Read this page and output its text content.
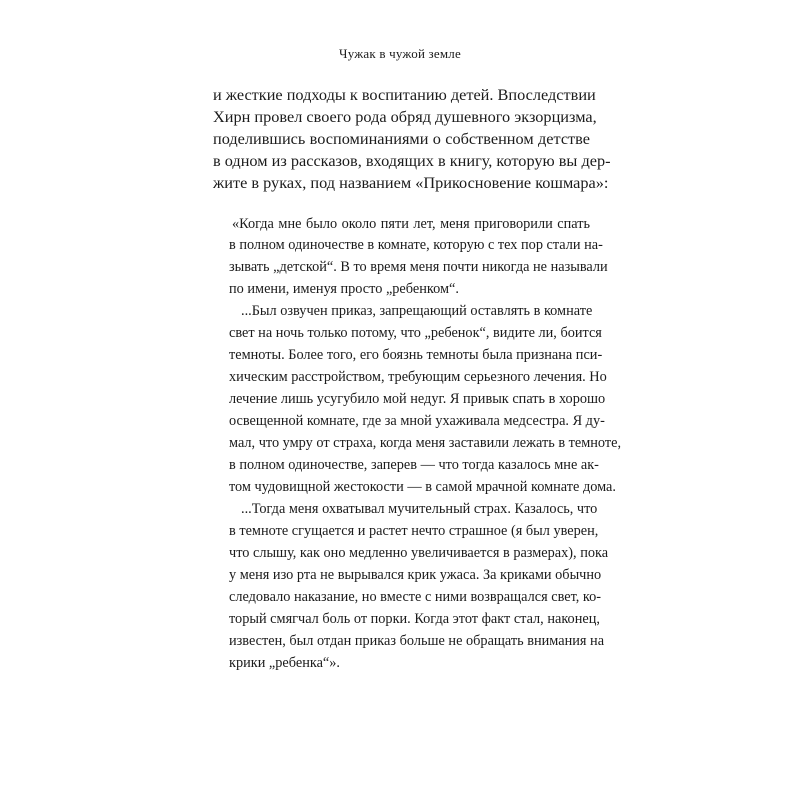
Чужак в чужой земле
и жесткие подходы к воспитанию детей. Впоследствии
Хирн провел своего рода обряд душевного экзорцизма,
поделившись воспоминаниями о собственном детстве
в одном из рассказов, входящих в книгу, которую вы дер-
жите в руках, под названием «Прикосновение кошмара»:
«Когда мне было около пяти лет, меня приговорили спать
в полном одиночестве в комнате, которую с тех пор стали на-
зывать „детской“. В то время меня почти никогда не называли
по имени, именуя просто „ребенком“.
...Был озвучен приказ, запрещающий оставлять в комнате
свет на ночь только потому, что „ребенок“, видите ли, боится
темноты. Более того, его боязнь темноты была признана пси-
хическим расстройством, требующим серьезного лечения. Но
лечение лишь усугубило мой недуг. Я привык спать в хорошо
освещенной комнате, где за мной ухаживала медсестра. Я ду-
мал, что умру от страха, когда меня заставили лежать в темноте,
в полном одиночестве, заперев — что тогда казалось мне ак-
том чудовищной жестокости — в самой мрачной комнате дома.
...Тогда меня охватывал мучительный страх. Казалось, что
в темноте сгущается и растет нечто страшное (я был уверен,
что слышу, как оно медленно увеличивается в размерах), пока
у меня изо рта не вырывался крик ужаса. За криками обычно
следовало наказание, но вместе с ними возвращался свет, ко-
торый смягчал боль от порки. Когда этот факт стал, наконец,
известен, был отдан приказ больше не обращать внимания на
крики „ребенка“».
